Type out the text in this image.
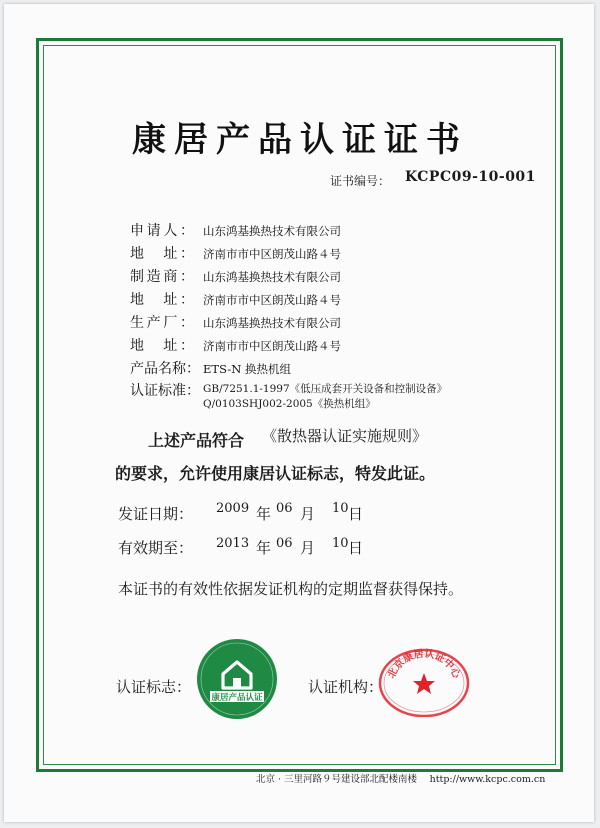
康居产品认证证书
证书编号： KCPC09-10-001
申请人： 山东鸿基换热技术有限公司
地　址： 济南市市中区朗茂山路４号
制造商： 山东鸿基换热技术有限公司
地　址： 济南市市中区朗茂山路４号
生产厂： 山东鸿基换热技术有限公司
地　址： 济南市市中区朗茂山路４号
产品名称： ETS-N 换热机组
认证标准： GB/7251.1-1997《低压成套开关设备和控制设备》
Q/0103SHJ002-2005《换热机组》
上述产品符合 《散热器认证实施规则》
的要求，允许使用康居认证标志，特发此证。
发证日期： 2009 年 06 月 10 日
有效期至： 2013 年 06 月 10 日
本证书的有效性依据发证机构的定期监督获得保持。
认证标志：
康居产品认证
认证机构：
北京康居认证中心
北京 · 三里河路９号建设部北配楼南楼　 http://www.kcpc.com.cn
